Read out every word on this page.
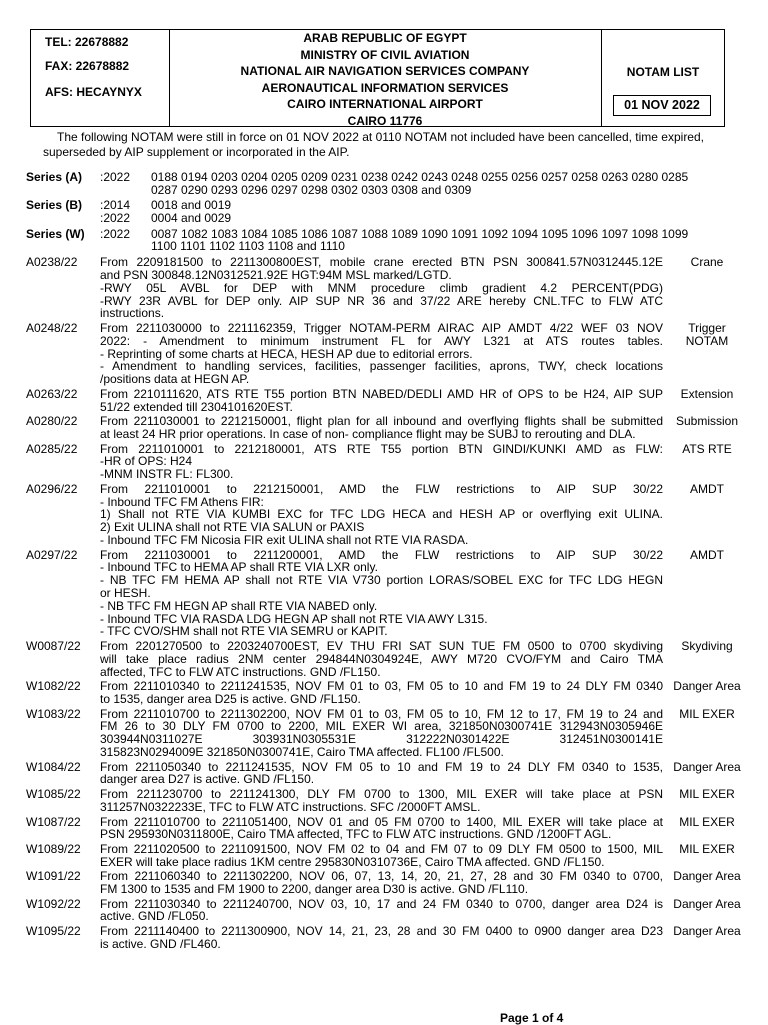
TEL: 22678882
FAX: 22678882
AFS: HECAYNYX
ARAB REPUBLIC OF EGYPT
MINISTRY OF CIVIL AVIATION
NATIONAL AIR NAVIGATION SERVICES COMPANY
AERONAUTICAL INFORMATION SERVICES
CAIRO INTERNATIONAL AIRPORT
CAIRO 11776
NOTAM LIST
01 NOV 2022
The following NOTAM were still in force on 01 NOV 2022 at 0110 NOTAM not included have been cancelled, time expired,
superseded by AIP supplement or incorporated in the AIP.
Series (A) :2022 0188 0194 0203 0204 0205 0209 0231 0238 0242 0243 0248 0255 0256 0257 0258 0263 0280 0285
0287 0290 0293 0296 0297 0298 0302 0303 0308 and 0309
Series (B) :2014 0018 and 0019
:2022 0004 and 0029
Series (W) :2022 0087 1082 1083 1084 1085 1086 1087 1088 1089 1090 1091 1092 1094 1095 1096 1097 1098 1099
1100 1101 1102 1103 1108 and 1110
A0238/22 From 2209181500 to 2211300800EST, mobile crane erected BTN PSN 300841.57N0312445.12E
and PSN 300848.12N0312521.92E HGT:94M MSL marked/LGTD.
-RWY 05L AVBL for DEP with MNM procedure climb gradient 4.2 PERCENT(PDG)
-RWY 23R AVBL for DEP only. AIP SUP NR 36 and 37/22 ARE hereby CNL.TFC to FLW ATC
instructions.
Crane
A0248/22 From 2211030000 to 2211162359, Trigger NOTAM-PERM AIRAC AIP AMDT 4/22 WEF 03 NOV
2022: - Amendment to minimum instrument FL for AWY L321 at ATS routes tables.
- Reprinting of some charts at HECA, HESH AP due to editorial errors.
- Amendment to handling services, facilities, passenger facilities, aprons, TWY, check locations
/positions data at HEGN AP.
Trigger
NOTAM
A0263/22 From 2210111620, ATS RTE T55 portion BTN NABED/DEDLI AMD HR of OPS to be H24, AIP SUP
51/22 extended till 2304101620EST.
Extension
A0280/22 From 2211030001 to 2212150001, flight plan for all inbound and overflying flights shall be submitted
at least 24 HR prior operations. In case of non- compliance flight may be SUBJ to rerouting and DLA.
Submission
A0285/22 From 2211010001 to 2212180001, ATS RTE T55 portion BTN GINDI/KUNKI AMD as FLW:
-HR of OPS: H24
-MNM INSTR FL: FL300.
ATS RTE
A0296/22 From 2211010001 to 2212150001, AMD the FLW restrictions to AIP SUP 30/22
- Inbound TFC FM Athens FIR:
1) Shall not RTE VIA KUMBI EXC for TFC LDG HECA and HESH AP or overflying exit ULINA.
2) Exit ULINA shall not RTE VIA SALUN or PAXIS
- Inbound TFC FM Nicosia FIR exit ULINA shall not RTE VIA RASDA.
AMDT
A0297/22 From 2211030001 to 2211200001, AMD the FLW restrictions to AIP SUP 30/22
- Inbound TFC to HEMA AP shall RTE VIA LXR only.
- NB TFC FM HEMA AP shall not RTE VIA V730 portion LORAS/SOBEL EXC for TFC LDG HEGN
or HESH.
- NB TFC FM HEGN AP shall RTE VIA NABED only.
- Inbound TFC VIA RASDA LDG HEGN AP shall not RTE VIA AWY L315.
- TFC CVO/SHM shall not RTE VIA SEMRU or KAPIT.
AMDT
W0087/22 From 2201270500 to 2203240700EST, EV THU FRI SAT SUN TUE FM 0500 to 0700 skydiving
will take place radius 2NM center 294844N0304924E, AWY M720 CVO/FYM and Cairo TMA
affected, TFC to FLW ATC instructions. GND /FL150.
Skydiving
W1082/22 From 2211010340 to 2211241535, NOV FM 01 to 03, FM 05 to 10 and FM 19 to 24 DLY FM 0340
to 1535, danger area D25 is active. GND /FL150.
Danger Area
W1083/22 From 2211010700 to 2211302200, NOV FM 01 to 03, FM 05 to 10, FM 12 to 17, FM 19 to 24 and
FM 26 to 30 DLY FM 0700 to 2200, MIL EXER WI area, 321850N0300741E 312943N0305946E
303944N0311027E 303931N0305531E 312222N0301422E 312451N0300141E
315823N0294009E 321850N0300741E, Cairo TMA affected. FL100 /FL500.
MIL EXER
W1084/22 From 2211050340 to 2211241535, NOV FM 05 to 10 and FM 19 to 24 DLY FM 0340 to 1535,
danger area D27 is active. GND /FL150.
Danger Area
W1085/22 From 2211230700 to 2211241300, DLY FM 0700 to 1300, MIL EXER will take place at PSN
311257N0322233E, TFC to FLW ATC instructions. SFC /2000FT AMSL.
MIL EXER
W1087/22 From 2211010700 to 2211051400, NOV 01 and 05 FM 0700 to 1400, MIL EXER will take place at
PSN 295930N0311800E, Cairo TMA affected, TFC to FLW ATC instructions. GND /1200FT AGL.
MIL EXER
W1089/22 From 2211020500 to 2211091500, NOV FM 02 to 04 and FM 07 to 09 DLY FM 0500 to 1500, MIL
EXER will take place radius 1KM centre 295830N0310736E, Cairo TMA affected. GND /FL150.
MIL EXER
W1091/22 From 2211060340 to 2211302200, NOV 06, 07, 13, 14, 20, 21, 27, 28 and 30 FM 0340 to 0700,
FM 1300 to 1535 and FM 1900 to 2200, danger area D30 is active. GND /FL110.
Danger Area
W1092/22 From 2211030340 to 2211240700, NOV 03, 10, 17 and 24 FM 0340 to 0700, danger area D24 is
active. GND /FL050.
Danger Area
W1095/22 From 2211140400 to 2211300900, NOV 14, 21, 23, 28 and 30 FM 0400 to 0900 danger area D23
is active. GND /FL460.
Danger Area
Page 1 of 4
